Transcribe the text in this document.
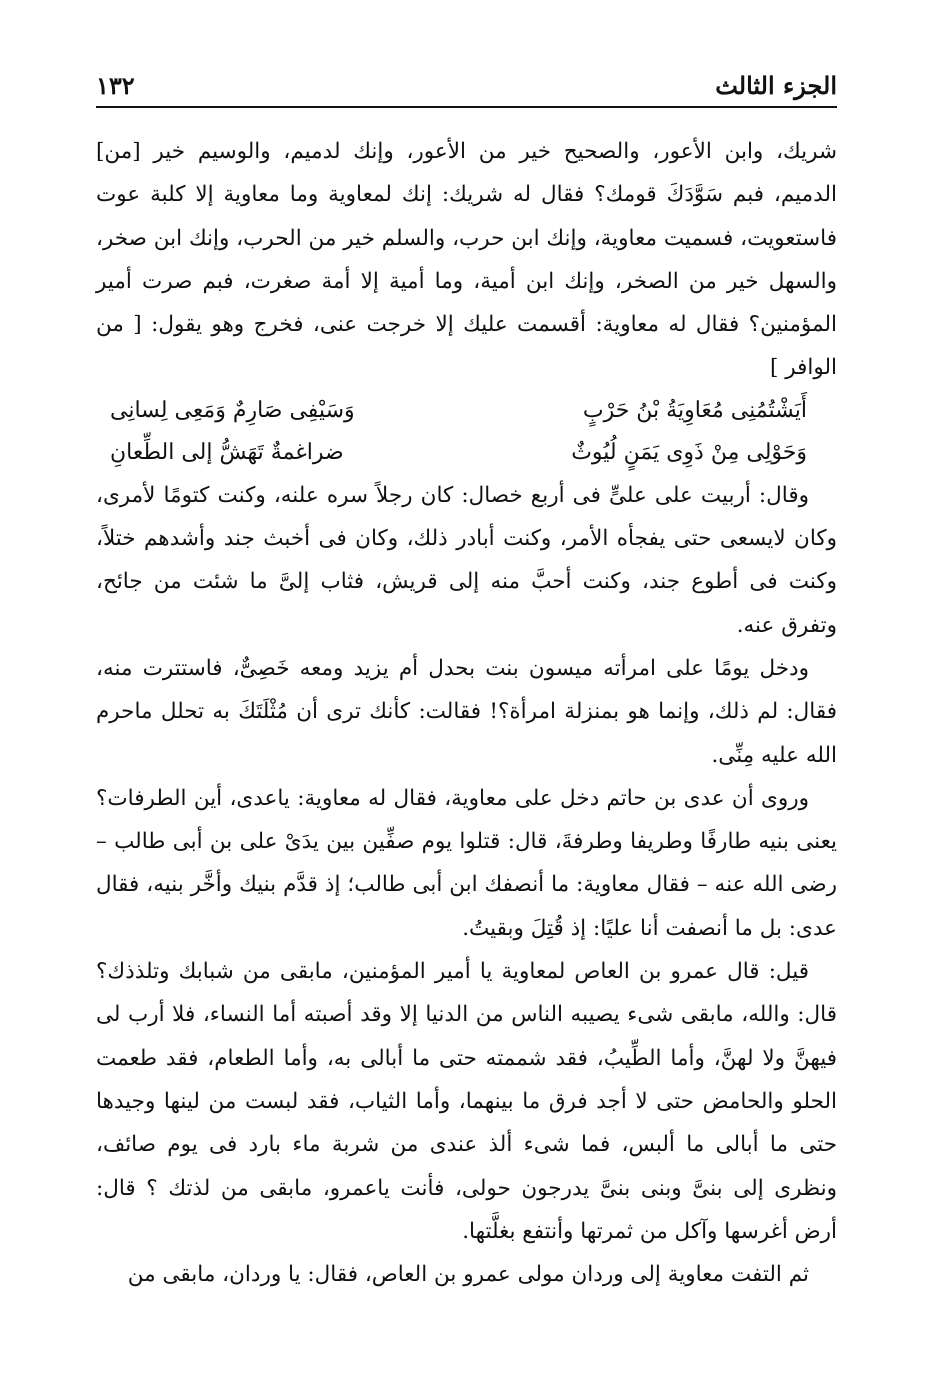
الجزء الثالث
١٣٢

شريك، وابن الأعور، والصحيح خير من الأعور، وإنك لدميم، والوسيم خير [من] الدميم، فبم سَوَّدَكَ قومك؟ فقال له شريك: إنك لمعاوية وما معاوية إلا كلبة عوت فاستعويت، فسميت معاوية، وإنك ابن حرب، والسلم خير من الحرب، وإنك ابن صخر، والسهل خير من الصخر، وإنك ابن أمية، وما أمية إلا أمة صغرت، فبم صرت أمير المؤمنين؟ فقال له معاوية: أقسمت عليك إلا خرجت عنى، فخرج وهو يقول: [ من الوافر ]

أَيَشْتُمُنِى مُعَاوِيَةُ بْنُ حَرْبٍ
وَسَيْفِى صَارِمٌ وَمَعِى لِسانِى
وَحَوْلِى مِنْ ذَوِى يَمَنٍ لُيُوثٌ
ضراغمةٌ تَهَشُّ إلى الطِّعانِ

وقال: أربيت على علىٍّ فى أربع خصال: كان رجلاً سره علنه، وكنت كتومًا لأمرى، وكان لايسعى حتى يفجأه الأمر، وكنت أبادر ذلك، وكان فى أخبث جند وأشدهم ختلاً، وكنت فى أطوع جند، وكنت أحبَّ منه إلى قريش، فثاب إلىَّ ما شئت من جائح، وتفرق عنه.

ودخل يومًا على امرأته ميسون بنت بحدل أم يزيد ومعه خَصِىٌّ، فاستترت منه، فقال: لم ذلك، وإنما هو بمنزلة امرأة؟! فقالت: كأنك ترى أن مُثْلَتَكَ به تحلل ماحرم الله عليه مِنِّى.

وروى أن عدى بن حاتم دخل على معاوية، فقال له معاوية: ياعدى، أين الطرفات؟ يعنى بنيه طارفًا وطريفا وطرفةَ، قال: قتلوا يوم صفِّين بين يدَىْ على بن أبى طالب – رضى الله عنه – فقال معاوية: ما أنصفك ابن أبى طالب؛ إذ قدَّم بنيك وأخَّر بنيه، فقال عدى: بل ما أنصفت أنا عليًا: إذ قُتِلَ وبقيتُ.

قيل: قال عمرو بن العاص لمعاوية يا أمير المؤمنين، مابقى من شبابك وتلذذك؟ قال: والله، مابقى شىء يصيبه الناس من الدنيا إلا وقد أصبته أما النساء، فلا أرب لى فيهنَّ ولا لهنَّ، وأما الطِّيبُ، فقد شممته حتى ما أبالى به، وأما الطعام، فقد طعمت الحلو والحامض حتى لا أجد فرق ما بينهما، وأما الثياب، فقد لبست من لينها وجيدها حتى ما أبالى ما ألبس، فما شىء ألذ عندى من شربة ماء بارد فى يوم صائف، ونظرى إلى بنىَّ وبنى بنىَّ يدرجون حولى، فأنت ياعمرو، مابقى من لذتك ؟ قال: أرض أغرسها وآكل من ثمرتها وأنتفع بغلَّتها.

ثم التفت معاوية إلى وردان مولى عمرو بن العاص، فقال: يا وردان، مابقى من
